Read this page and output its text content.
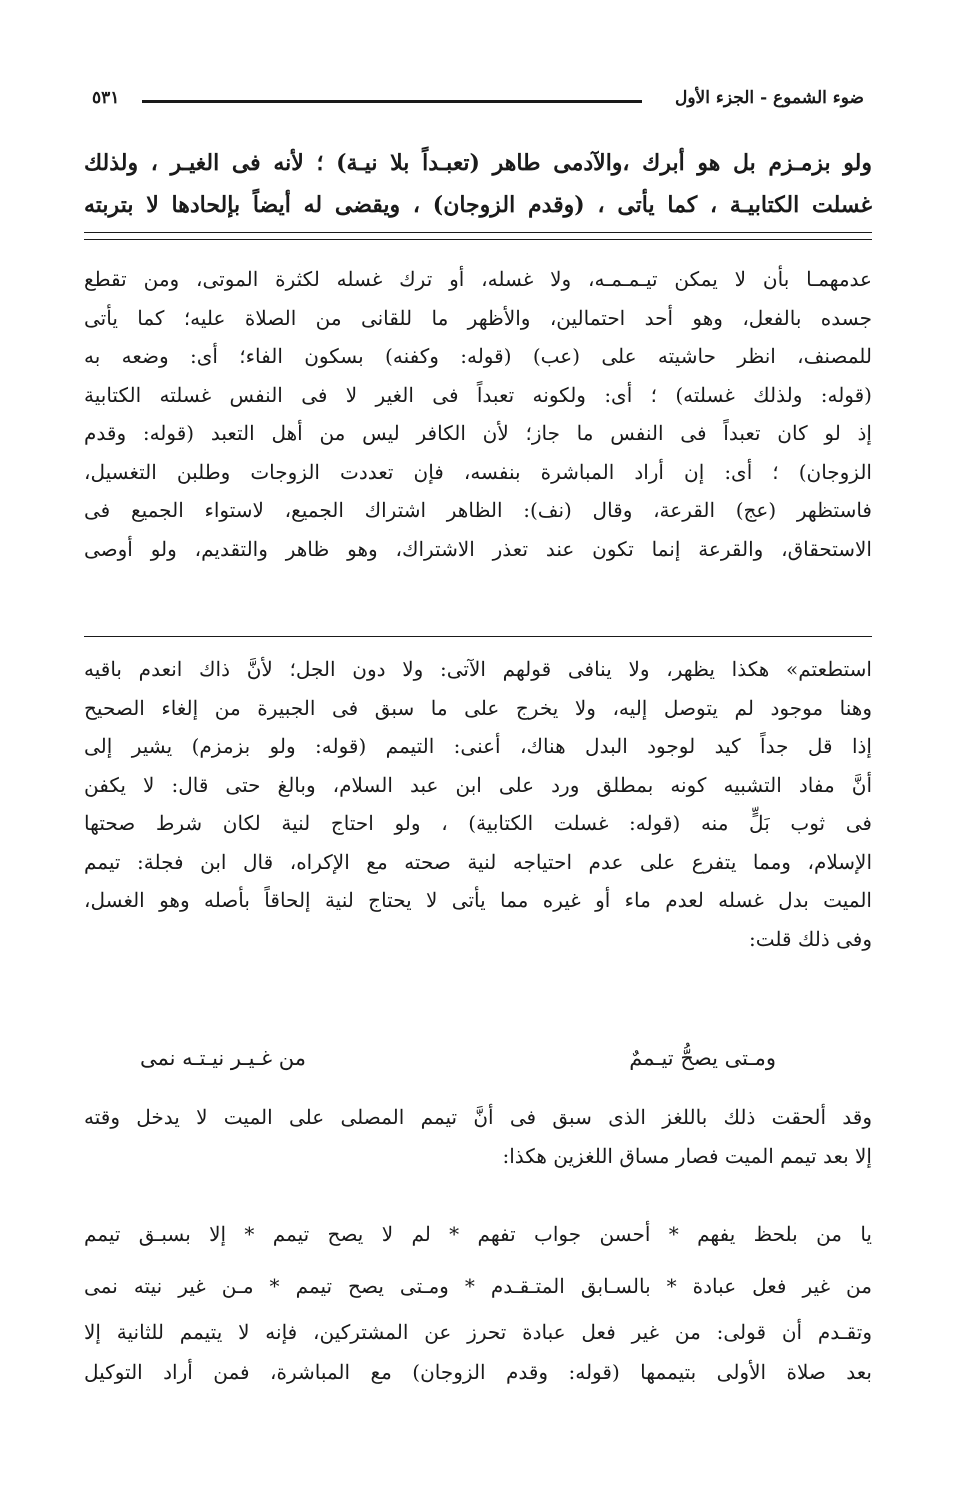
ضوء الشموع - الجزء الأول
٥٣١
ولو بزمـزم بل هو أبرك ،والآدمى طاهر (تعبـداً بلا نيـة) ؛ لأنه فى الغيـر ، ولذلك
غسلت الكتابيـة ، كما يأتى ، (وقدم الزوجان) ، ويقضى له أيضاً بإلحادها لا بتربته
عدمهمـا بأن لا يمكن تيـمـمـه، ولا غسله، أو ترك غسله لكثرة الموتى، ومن تقطع
جسده بالفعل، وهو أحد احتمالين، والأظهر ما للقانى من الصلاة عليه؛ كما يأتى
للمصنف، انظر حاشيته على (عب) (قوله: وكفنه) بسكون الفاء؛ أى: وضعه به
(قوله: ولذلك غسلته) ؛ أى: ولكونه تعبداً فى الغير لا فى النفس غسلته الكتابية
إذ لو كان تعبداً فى النفس ما جاز؛ لأن الكافر ليس من أهل التعبد (قوله: وقدم
الزوجان) ؛ أى: إن أراد المباشرة بنفسه، فإن تعددت الزوجات وطلبن التغسيل،
فاستظهر (عج) القرعة، وقال (نف): الظاهر اشتراك الجميع، لاستواء الجميع فى
الاستحقاق، والقرعة إنما تكون عند تعذر الاشتراك، وهو ظاهر والتقديم، ولو أوصى
استطعتم» هكذا يظهر، ولا ينافى قولهم الآتى: ولا دون الجل؛ لأنَّ ذاك انعدم باقيه
وهنا موجود لم يتوصل إليه، ولا يخرج على ما سبق فى الجبيرة من إلغاء الصحيح
إذا قل جداً كيد لوجود البدل هناك، أعنى: التيمم (قوله: ولو بزمزم) يشير إلى
أنَّ مفاد التشبيه كونه بمطلق ورد على ابن عبد السلام، وبالغ حتى قال: لا يكفن
فى ثوب بَلٍّ منه (قوله: غسلت الكتابية) ، ولو احتاج لنية لكان شرط صحتها
الإسلام، ومما يتفرع على عدم احتياجه لنية صحته مع الإكراه، قال ابن فجلة: تيمم
الميت بدل غسله لعدم ماء أو غيره مما يأتى لا يحتاج لنية إلحاقاً بأصله وهو الغسل،
وفى ذلك قلت:
ومـتى يصحُّ تيـممٌ
من غـيـر نيـتـه نمى
وقد ألحقت ذلك باللغز الذى سبق فى أنَّ تيمم المصلى على الميت لا يدخل وقته
إلا بعد تيمم الميت فصار مساق اللغزين هكذا:
يا من بلحظ يفهم * أحسن جواب تفهم * لم لا يصح تيمم * إلا بسبـق تيمم
من غير فعل عبادة * بالسـابق المتـقـدم * ومـتى يصح تيمم * مـن غير نيته نمى
وتقـدم أن قولى: من غير فعل عبادة تحرز عن المشتركين، فإنه لا يتيمم للثانية إلا
بعد صلاة الأولى بتيممها (قوله: وقدم الزوجان) مع المباشرة، فمن أراد التوكيل
